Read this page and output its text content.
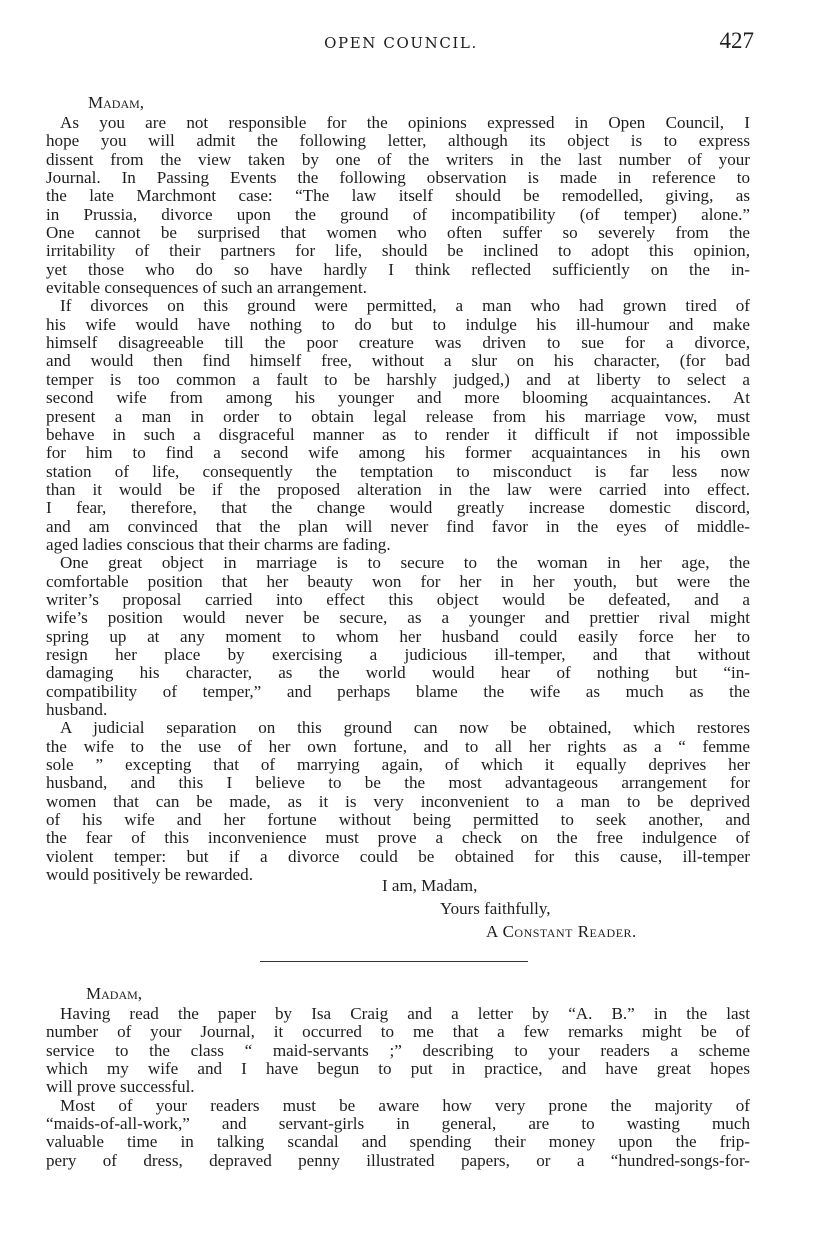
OPEN COUNCIL.	427
Madam,
As you are not responsible for the opinions expressed in Open Council, I
hope you will admit the following letter, although its object is to express
dissent from the view taken by one of the writers in the last number of your
Journal. In Passing Events the following observation is made in reference to
the late Marchmont case: “The law itself should be remodelled, giving, as
in Prussia, divorce upon the ground of incompatibility (of temper) alone.”
One cannot be surprised that women who often suffer so severely from the
irritability of their partners for life, should be inclined to adopt this opinion,
yet those who do so have hardly I think reflected sufficiently on the in-
evitable consequences of such an arrangement.
If divorces on this ground were permitted, a man who had grown tired of
his wife would have nothing to do but to indulge his ill-humour and make
himself disagreeable till the poor creature was driven to sue for a divorce,
and would then find himself free, without a slur on his character, (for bad
temper is too common a fault to be harshly judged,) and at liberty to select a
second wife from among his younger and more blooming acquaintances. At
present a man in order to obtain legal release from his marriage vow, must
behave in such a disgraceful manner as to render it difficult if not impossible
for him to find a second wife among his former acquaintances in his own
station of life, consequently the temptation to misconduct is far less now
than it would be if the proposed alteration in the law were carried into effect.
I fear, therefore, that the change would greatly increase domestic discord,
and am convinced that the plan will never find favor in the eyes of middle-
aged ladies conscious that their charms are fading.
One great object in marriage is to secure to the woman in her age, the
comfortable position that her beauty won for her in her youth, but were the
writer’s proposal carried into effect this object would be defeated, and a
wife’s position would never be secure, as a younger and prettier rival might
spring up at any moment to whom her husband could easily force her to
resign her place by exercising a judicious ill-temper, and that without
damaging his character, as the world would hear of nothing but “in-
compatibility of temper,” and perhaps blame the wife as much as the
husband.
A judicial separation on this ground can now be obtained, which restores
the wife to the use of her own fortune, and to all her rights as a “ femme
sole ” excepting that of marrying again, of which it equally deprives her
husband, and this I believe to be the most advantageous arrangement for
women that can be made, as it is very inconvenient to a man to be deprived
of his wife and her fortune without being permitted to seek another, and
the fear of this inconvenience must prove a check on the free indulgence of
violent temper: but if a divorce could be obtained for this cause, ill-temper
would positively be rewarded.
I am, Madam,
Yours faithfully,
A Constant Reader.
Madam,
Having read the paper by Isa Craig and a letter by “A. B.” in the last
number of your Journal, it occurred to me that a few remarks might be of
service to the class “ maid-servants ;” describing to your readers a scheme
which my wife and I have begun to put in practice, and have great hopes
will prove successful.
Most of your readers must be aware how very prone the majority of
“maids-of-all-work,” and servant-girls in general, are to wasting much
valuable time in talking scandal and spending their money upon the frip-
pery of dress, depraved penny illustrated papers, or a “hundred-songs-for-
